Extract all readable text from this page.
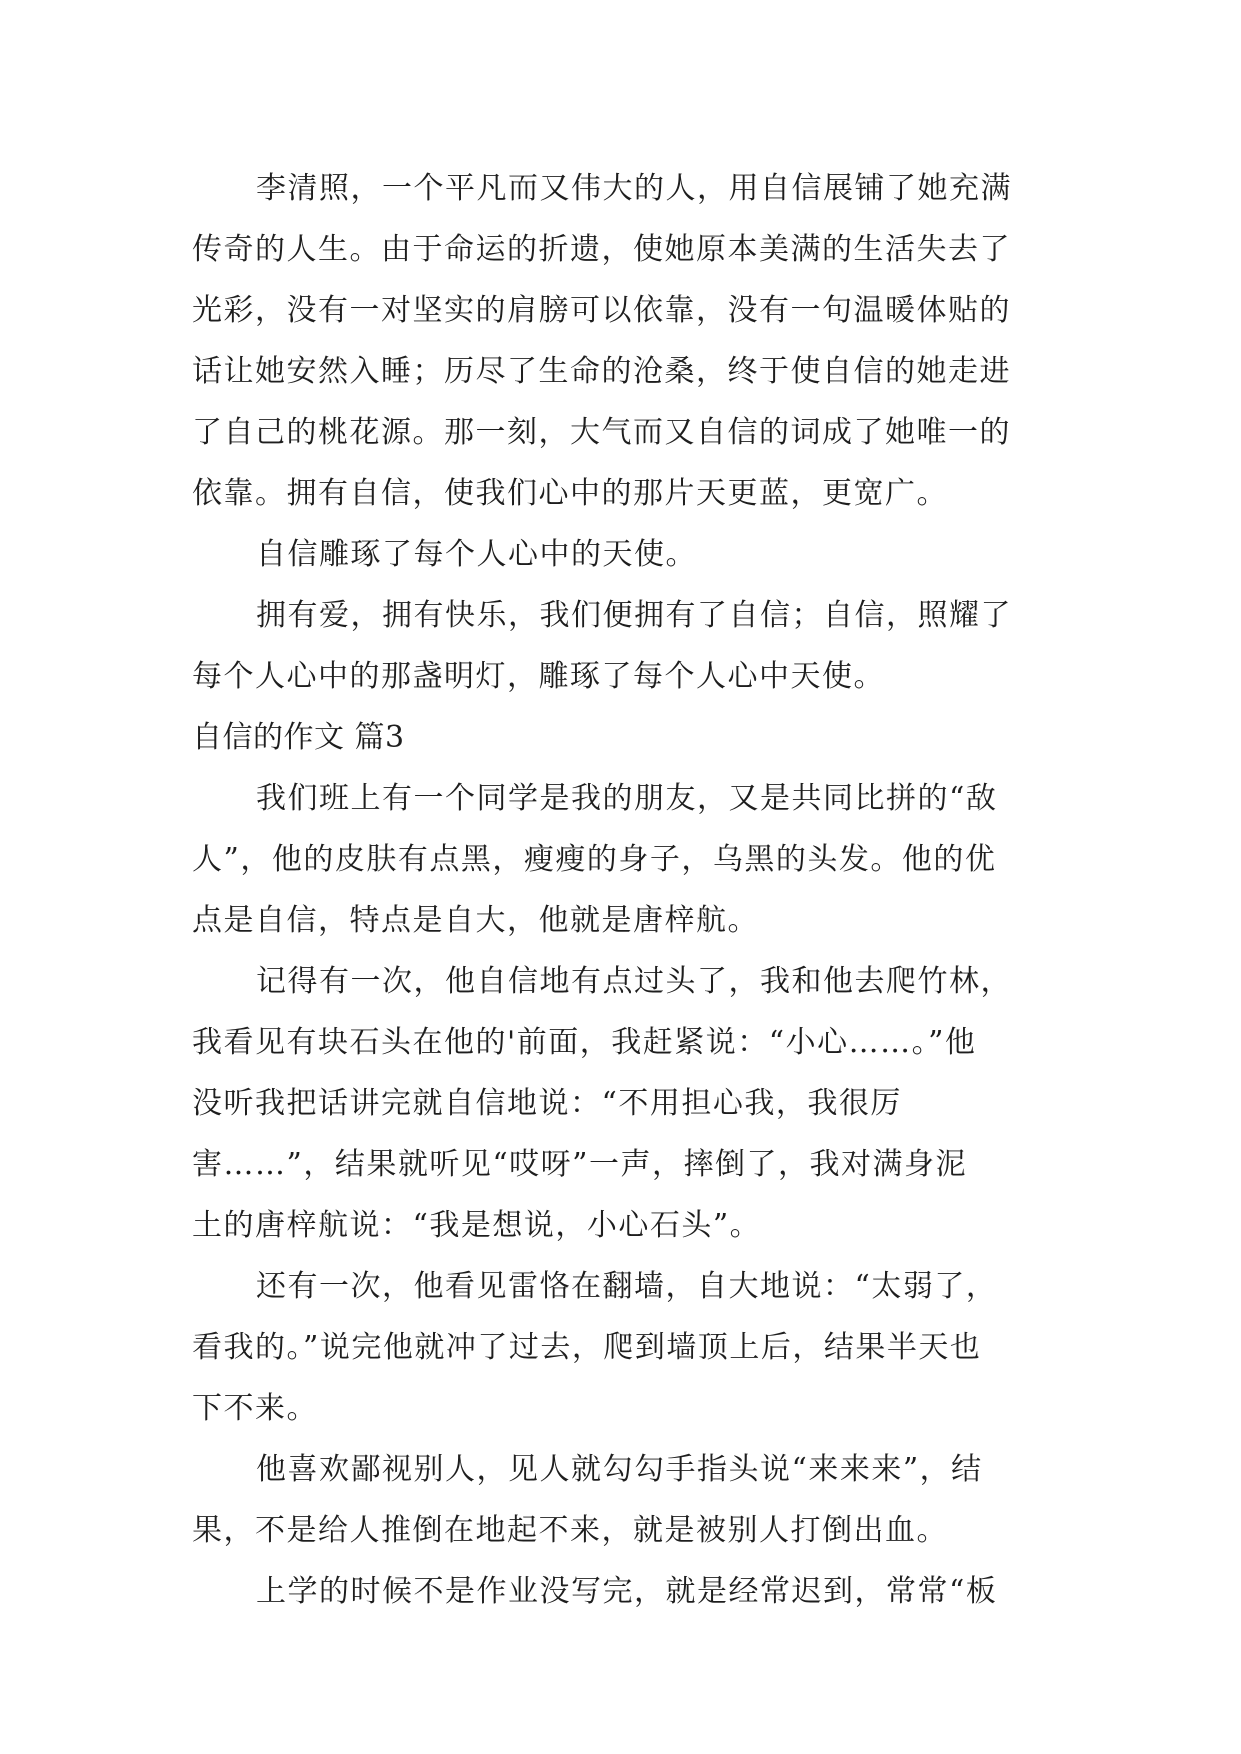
李清照，一个平凡而又伟大的人，用自信展铺了她充满
传奇的人生。由于命运的折遗，使她原本美满的生活失去了
光彩，没有一对坚实的肩膀可以依靠，没有一句温暖体贴的
话让她安然入睡；历尽了生命的沧桑，终于使自信的她走进
了自己的桃花源。那一刻，大气而又自信的词成了她唯一的
依靠。拥有自信，使我们心中的那片天更蓝，更宽广。
自信雕琢了每个人心中的天使。
拥有爱，拥有快乐，我们便拥有了自信；自信，照耀了
每个人心中的那盏明灯，雕琢了每个人心中天使。
自信的作文 篇3
我们班上有一个同学是我的朋友，又是共同比拼的“敌
人”，他的皮肤有点黑，瘦瘦的身子，乌黑的头发。他的优
点是自信，特点是自大，他就是唐梓航。
记得有一次，他自信地有点过头了，我和他去爬竹林，
我看见有块石头在他的'前面，我赶紧说：“小心……。”他
没听我把话讲完就自信地说：“不用担心我，我很厉
害……”，结果就听见“哎呀”一声，摔倒了，我对满身泥
土的唐梓航说：“我是想说，小心石头”。
还有一次，他看见雷恪在翻墙，自大地说：“太弱了，
看我的。”说完他就冲了过去，爬到墙顶上后，结果半天也
下不来。
他喜欢鄙视别人，见人就勾勾手指头说“来来来”，结
果，不是给人推倒在地起不来，就是被别人打倒出血。
上学的时候不是作业没写完，就是经常迟到，常常“板
